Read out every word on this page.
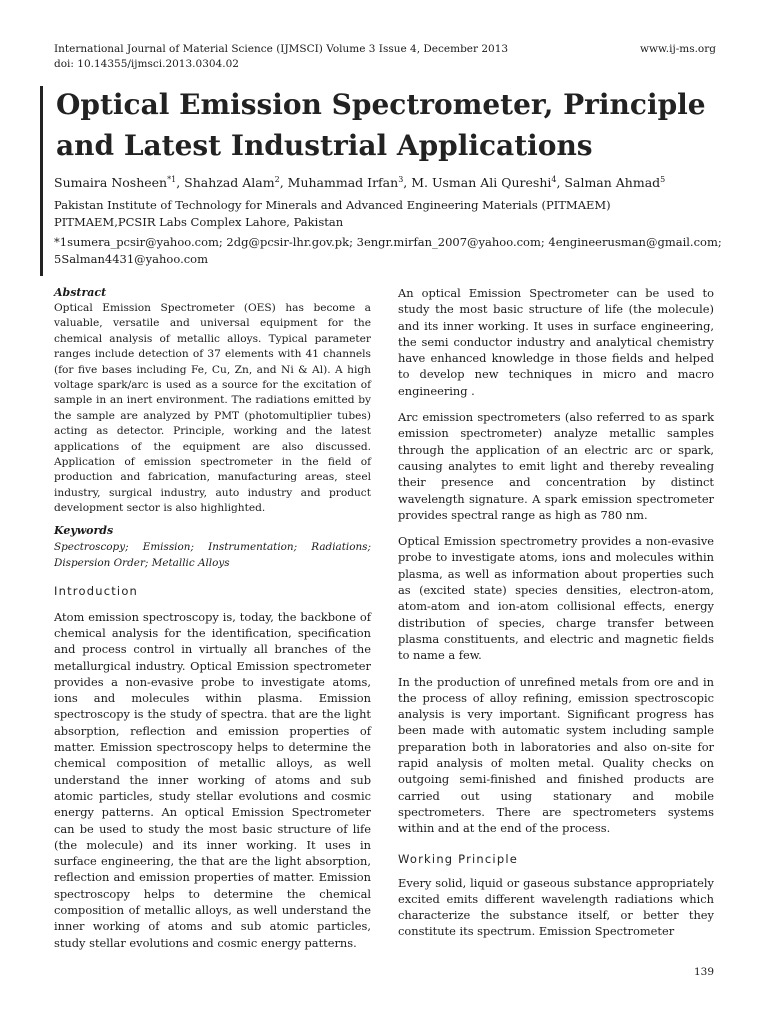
International Journal of Material Science (IJMSCI) Volume 3 Issue 4, December 2013	www.ij-ms.org
doi: 10.14355/ijmsci.2013.0304.02
Optical Emission Spectrometer, Principle and Latest Industrial Applications
Sumaira Nosheen$^{*1}$, Shahzad Alam$^2$, Muhammad Irfan$^3$, M. Usman Ali Qureshi$^4$, Salman Ahmad$^5$
Pakistan Institute of Technology for Minerals and Advanced Engineering Materials (PITMAEM)
PITMAEM,PCSIR Labs Complex Lahore, Pakistan
*1sumera_pcsir@yahoo.com; 2dg@pcsir-lhr.gov.pk; 3engr.mirfan_2007@yahoo.com; 4engineerusman@gmail.com;
5Salman4431@yahoo.com

Abstract

Optical Emission Spectrometer (OES) has become a valuable, versatile and universal equipment for the chemical analysis of metallic alloys. Typical parameter ranges include detection of 37 elements with 41 channels (for five bases including Fe, Cu, Zn, and Ni & Al). A high voltage spark/arc is used as a source for the excitation of sample in an inert environment. The radiations emitted by the sample are analyzed by PMT (photomultiplier tubes) acting as detector. Principle, working and the latest applications of the equipment are also discussed. Application of emission spectrometer in the field of production and fabrication, manufacturing areas, steel industry, surgical industry, auto industry and product development sector is also highlighted.

Keywords

Spectroscopy; Emission; Instrumentation; Radiations; Dispersion Order; Metallic Alloys

Introduction

Atom emission spectroscopy is, today, the backbone of chemical analysis for the identification, specification and process control in virtually all branches of the metallurgical industry. Optical Emission spectrometer provides a non-evasive probe to investigate atoms, ions and molecules within plasma. Emission spectroscopy is the study of spectra. that are the light absorption, reflection and emission properties of matter. Emission spectroscopy helps to determine the chemical composition of metallic alloys, as well understand the inner working of atoms and sub atomic particles, study stellar evolutions and cosmic energy patterns. An optical Emission Spectrometer can be used to study the most basic structure of life (the molecule) and its inner working. It uses in surface engineering, the that are the light absorption, reflection and emission properties of matter. Emission spectroscopy helps to determine the chemical composition of metallic alloys, as well understand the inner working of atoms and sub atomic particles, study stellar evolutions and cosmic energy patterns.

An optical Emission Spectrometer can be used to study the most basic structure of life (the molecule) and its inner working. It uses in surface engineering, the semi conductor industry and analytical chemistry have enhanced knowledge in those fields and helped to develop new techniques in micro and macro engineering .

Arc emission spectrometers (also referred to as spark emission spectrometer) analyze metallic samples through the application of an electric arc or spark, causing analytes to emit light and thereby revealing their presence and concentration by distinct wavelength signature. A spark emission spectrometer provides spectral range as high as 780 nm.

Optical Emission spectrometry provides a non-evasive probe to investigate atoms, ions and molecules within plasma, as well as information about properties such as (excited state) species densities, electron-atom, atom-atom and ion-atom collisional effects, energy distribution of species, charge transfer between plasma constituents, and electric and magnetic fields to name a few.

In the production of unrefined metals from ore and in the process of alloy refining, emission spectroscopic analysis is very important. Significant progress has been made with automatic system including sample preparation both in laboratories and also on-site for rapid analysis of molten metal. Quality checks on outgoing semi-finished and finished products are carried out using stationary and mobile spectrometers. There are spectrometers systems within and at the end of the process.

Working Principle

Every solid, liquid or gaseous substance appropriately excited emits different wavelength radiations which characterize the substance itself, or better they constitute its spectrum. Emission Spectrometer

139
